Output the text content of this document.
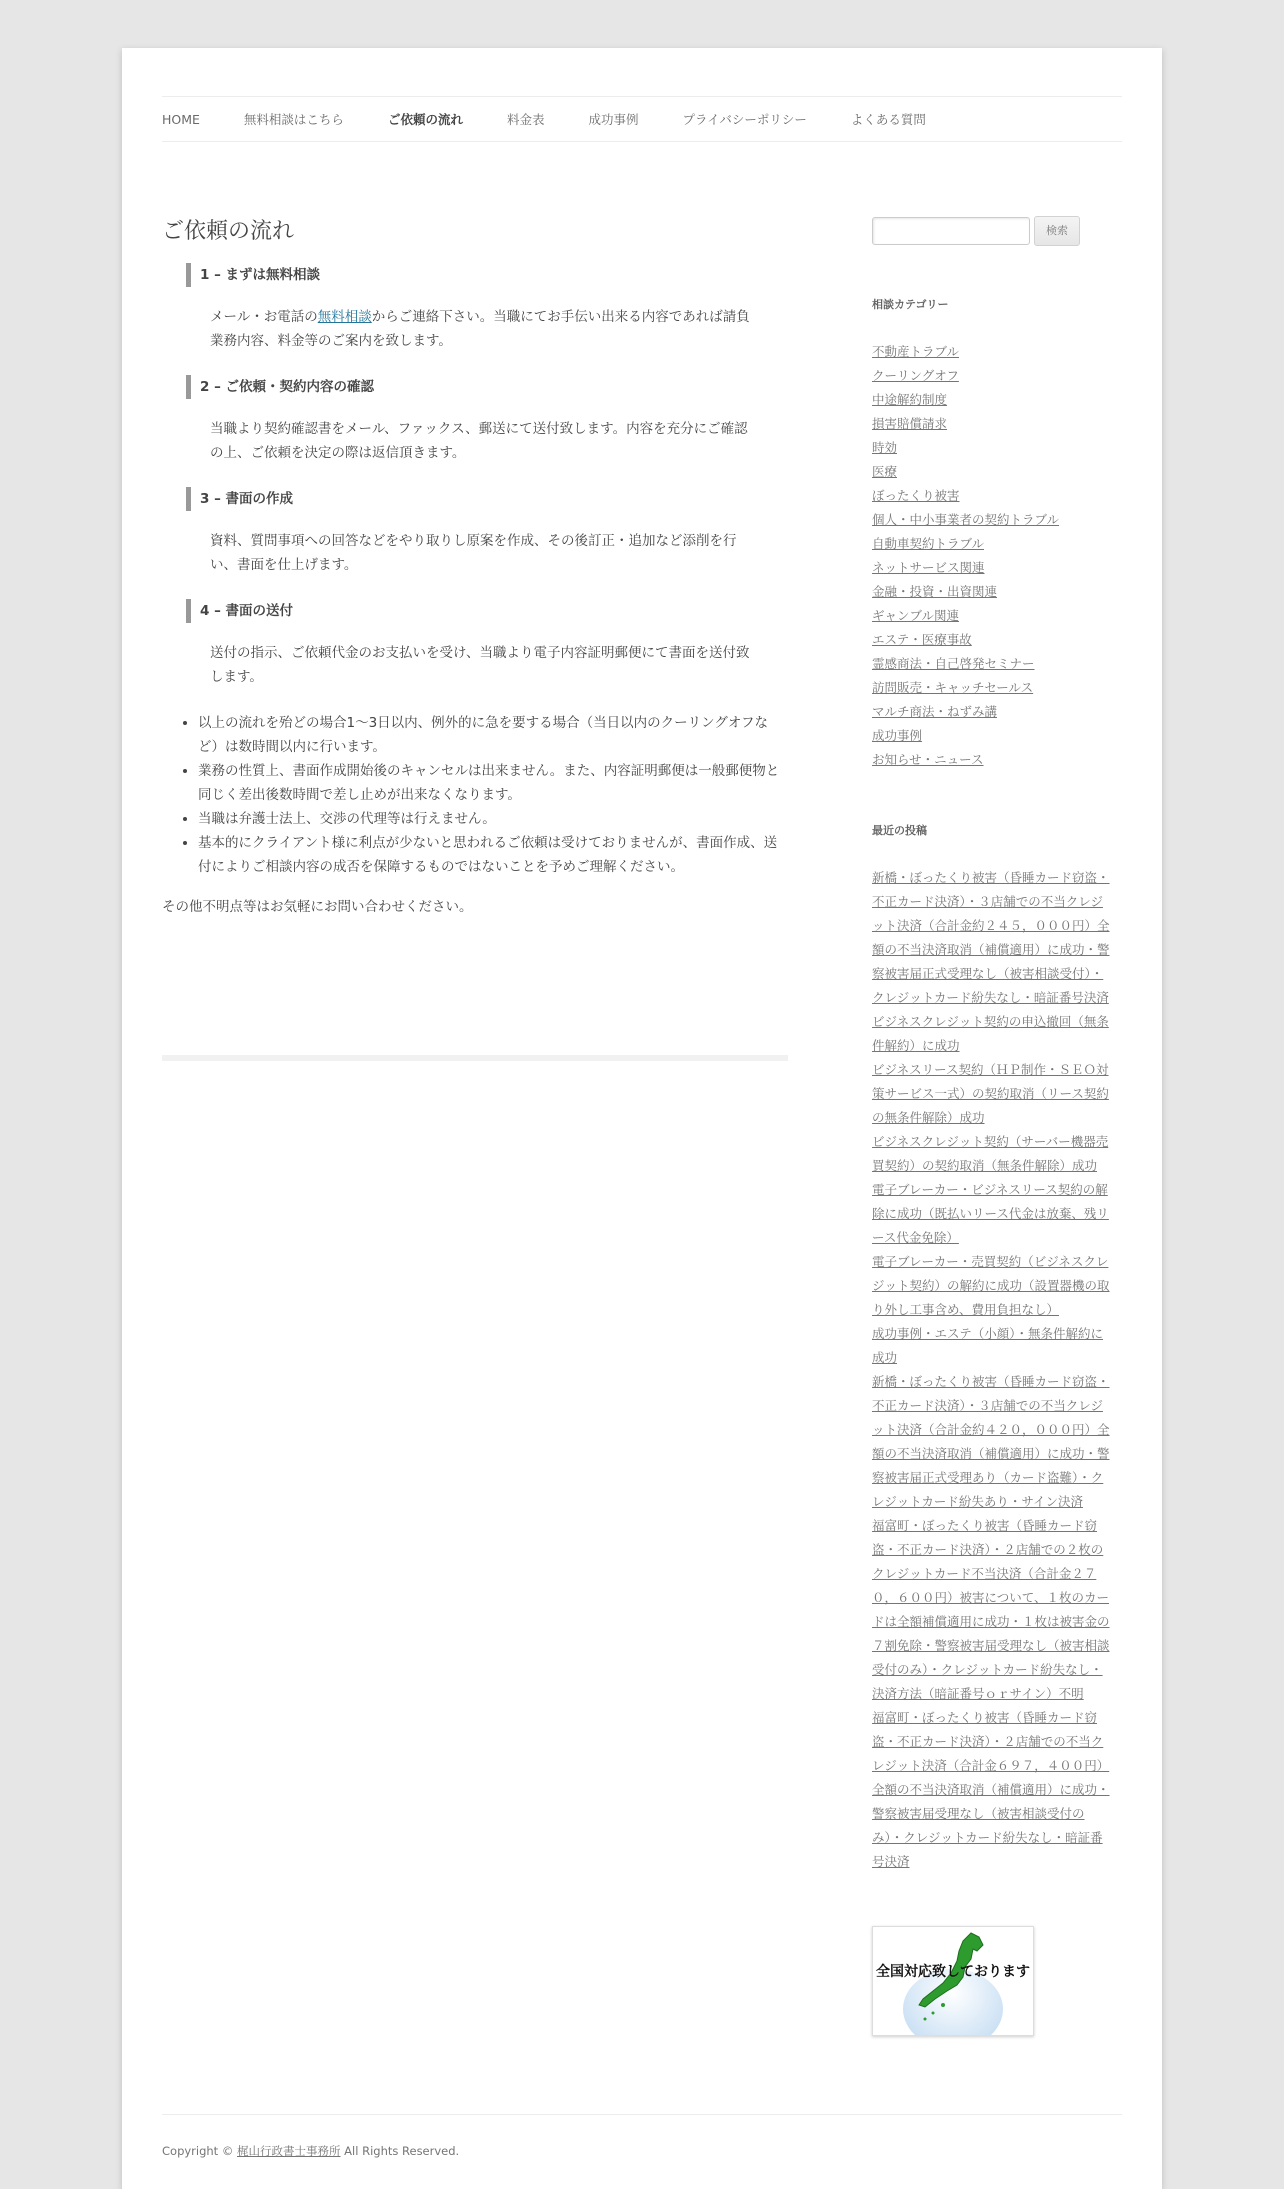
HOME	無料相談はこちら	ご依頼の流れ	料金表	成功事例	プライバシーポリシー	よくある質問
ご依頼の流れ
1 – まずは無料相談
メール・お電話の無料相談からご連絡下さい。当職にてお手伝い出来る内容であれば請負業務内容、料金等のご案内を致します。
2 – ご依頼・契約内容の確認
当職より契約確認書をメール、ファックス、郵送にて送付致します。内容を充分にご確認の上、ご依頼を決定の際は返信頂きます。
3 – 書面の作成
資料、質問事項への回答などをやり取りし原案を作成、その後訂正・追加など添削を行い、書面を仕上げます。
4 – 書面の送付
送付の指示、ご依頼代金のお支払いを受け、当職より電子内容証明郵便にて書面を送付致します。
• 以上の流れを殆どの場合1～3日以内、例外的に急を要する場合（当日以内のクーリングオフなど）は数時間以内に行います。
• 業務の性質上、書面作成開始後のキャンセルは出来ません。また、内容証明郵便は一般郵便物と同じく差出後数時間で差し止めが出来なくなります。
• 当職は弁護士法上、交渉の代理等は行えません。
• 基本的にクライアント様に利点が少ないと思われるご依頼は受けておりませんが、書面作成、送付によりご相談内容の成否を保障するものではないことを予めご理解ください。

その他不明点等はお気軽にお問い合わせください。

検索
相談カテゴリー
不動産トラブル
クーリングオフ
中途解約制度
損害賠償請求
時効
医療
ぼったくり被害
個人・中小事業者の契約トラブル
自動車契約トラブル
ネットサービス関連
金融・投資・出資関連
ギャンブル関連
エステ・医療事故
霊感商法・自己啓発セミナー
訪問販売・キャッチセールス
マルチ商法・ねずみ講
成功事例
お知らせ・ニュース
最近の投稿
新橋・ぼったくり被害（昏睡カード窃盗・
不正カード決済）・３店舗での不当クレジ
ット決済（合計金約２４５，０００円）全
額の不当決済取消（補償適用）に成功・警
察被害届正式受理なし（被害相談受付）・
クレジットカード紛失なし・暗証番号決済
ビジネスクレジット契約の申込撤回（無条
件解約）に成功
ビジネスリース契約（ＨＰ制作・ＳＥＯ対
策サービス一式）の契約取消（リース契約
の無条件解除）成功
ビジネスクレジット契約（サーバー機器売
買契約）の契約取消（無条件解除）成功
電子ブレーカー・ビジネスリース契約の解
除に成功（既払いリース代金は放棄、残リ
ース代金免除）
電子ブレーカー・売買契約（ビジネスクレ
ジット契約）の解約に成功（設置器機の取
り外し工事含め、費用負担なし）
成功事例・エステ（小顔）・無条件解約に
成功
新橋・ぼったくり被害（昏睡カード窃盗・
不正カード決済）・３店舗での不当クレジ
ット決済（合計金約４２０，０００円）全
額の不当決済取消（補償適用）に成功・警
察被害届正式受理あり（カード盗難）・ク
レジットカード紛失あり・サイン決済
福富町・ぼったくり被害（昏睡カード窃
盗・不正カード決済）・２店舗での２枚の
クレジットカード不当決済（合計金２７
０，６００円）被害について、１枚のカー
ドは全額補償適用に成功・１枚は被害金の
７割免除・警察被害届受理なし（被害相談
受付のみ）・クレジットカード紛失なし・
決済方法（暗証番号ｏｒサイン）不明
福富町・ぼったくり被害（昏睡カード窃
盗・不正カード決済）・２店舗での不当ク
レジット決済（合計金６９７，４００円）
全額の不当決済取消（補償適用）に成功・
警察被害届受理なし（被害相談受付の
み）・クレジットカード紛失なし・暗証番
号決済
全国対応致しております
Copyright © 梶山行政書士事務所 All Rights Reserved.
